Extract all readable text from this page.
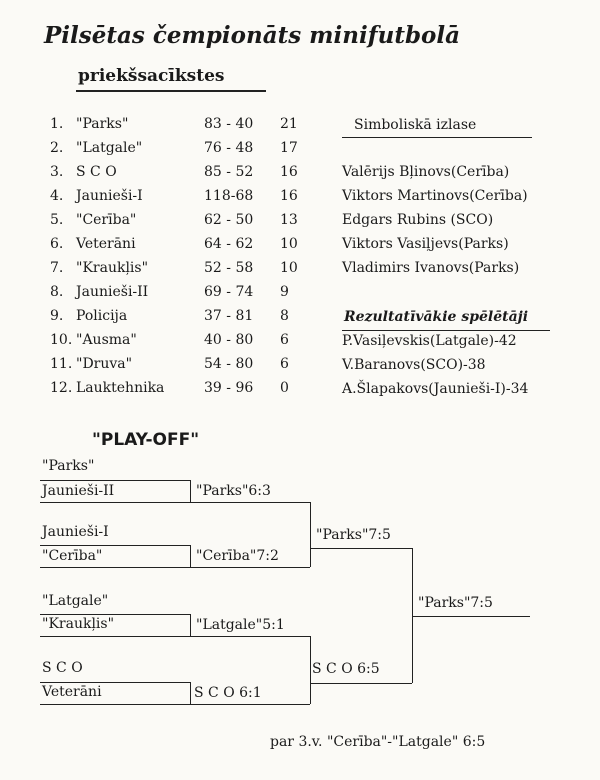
Pilsētas čempionāts minifutbolā
priekšsacīkstes
1. "Parks"	83 - 40 21
2. "Latgale"	76 - 48 17
3. S C O	85 - 52 16
4. Jaunieši-I	118-68 16
5. "Cerība"	62 - 50 13
6. Veterāni	64 - 62 10
7. "Kraukļis"	52 - 58 10
8. Jaunieši-II	69 - 74 9
9. Policija	37 - 81 8
10. "Ausma"	40 - 80 6
11. "Druva"	54 - 80 6
12. Lauktehnika	39 - 96 0
Simboliskā izlase
Valērijs Bļinovs(Cerība)
Viktors Martinovs(Cerība)
Edgars Rubins (SCO)
Viktors Vasiļjevs(Parks)
Vladimirs Ivanovs(Parks)
Rezultatīvākie spēlētāji
P.Vasiļevskis(Latgale)-42
V.Baranovs(SCO)-38
A.Šlapakovs(Jaunieši-I)-34
"PLAY-OFF"
"Parks"
Jaunieši-II	"Parks"6:3
Jaunieši-I
"Cerība"	"Cerība"7:2
"Latgale"
"Kraukļis"	"Latgale"5:1
S C O
Veterāni	S C O 6:1
"Parks"7:5
S C O 6:5
"Parks"7:5
par 3.v. "Cerība"-"Latgale" 6:5
